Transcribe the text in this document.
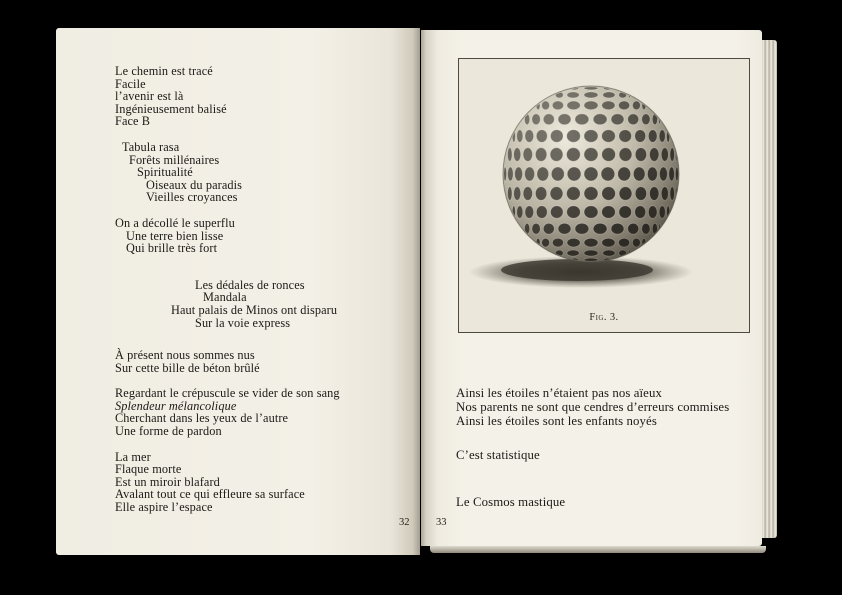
Le chemin est tracé
Facile
l’avenir est là
Ingénieusement balisé
Face B
Tabula rasa
Forêts millénaires
Spiritualité
Oiseaux du paradis
Vieilles croyances
On a décollé le superflu
Une terre bien lisse
Qui brille très fort
Les dédales de ronces
Mandala
Haut palais de Minos ont disparu
Sur la voie express
À présent nous sommes nus
Sur cette bille de béton brûlé
Regardant le crépuscule se vider de son sang
Splendeur mélancolique
Cherchant dans les yeux de l’autre
Une forme de pardon
La mer
Flaque morte
Est un miroir blafard
Avalant tout ce qui effleure sa surface
Elle aspire l’espace
32
Fig. 3.
Ainsi les étoiles n’étaient pas nos aïeux
Nos parents ne sont que cendres d’erreurs commises
Ainsi les étoiles sont les enfants noyés
C’est statistique
Le Cosmos mastique
33
